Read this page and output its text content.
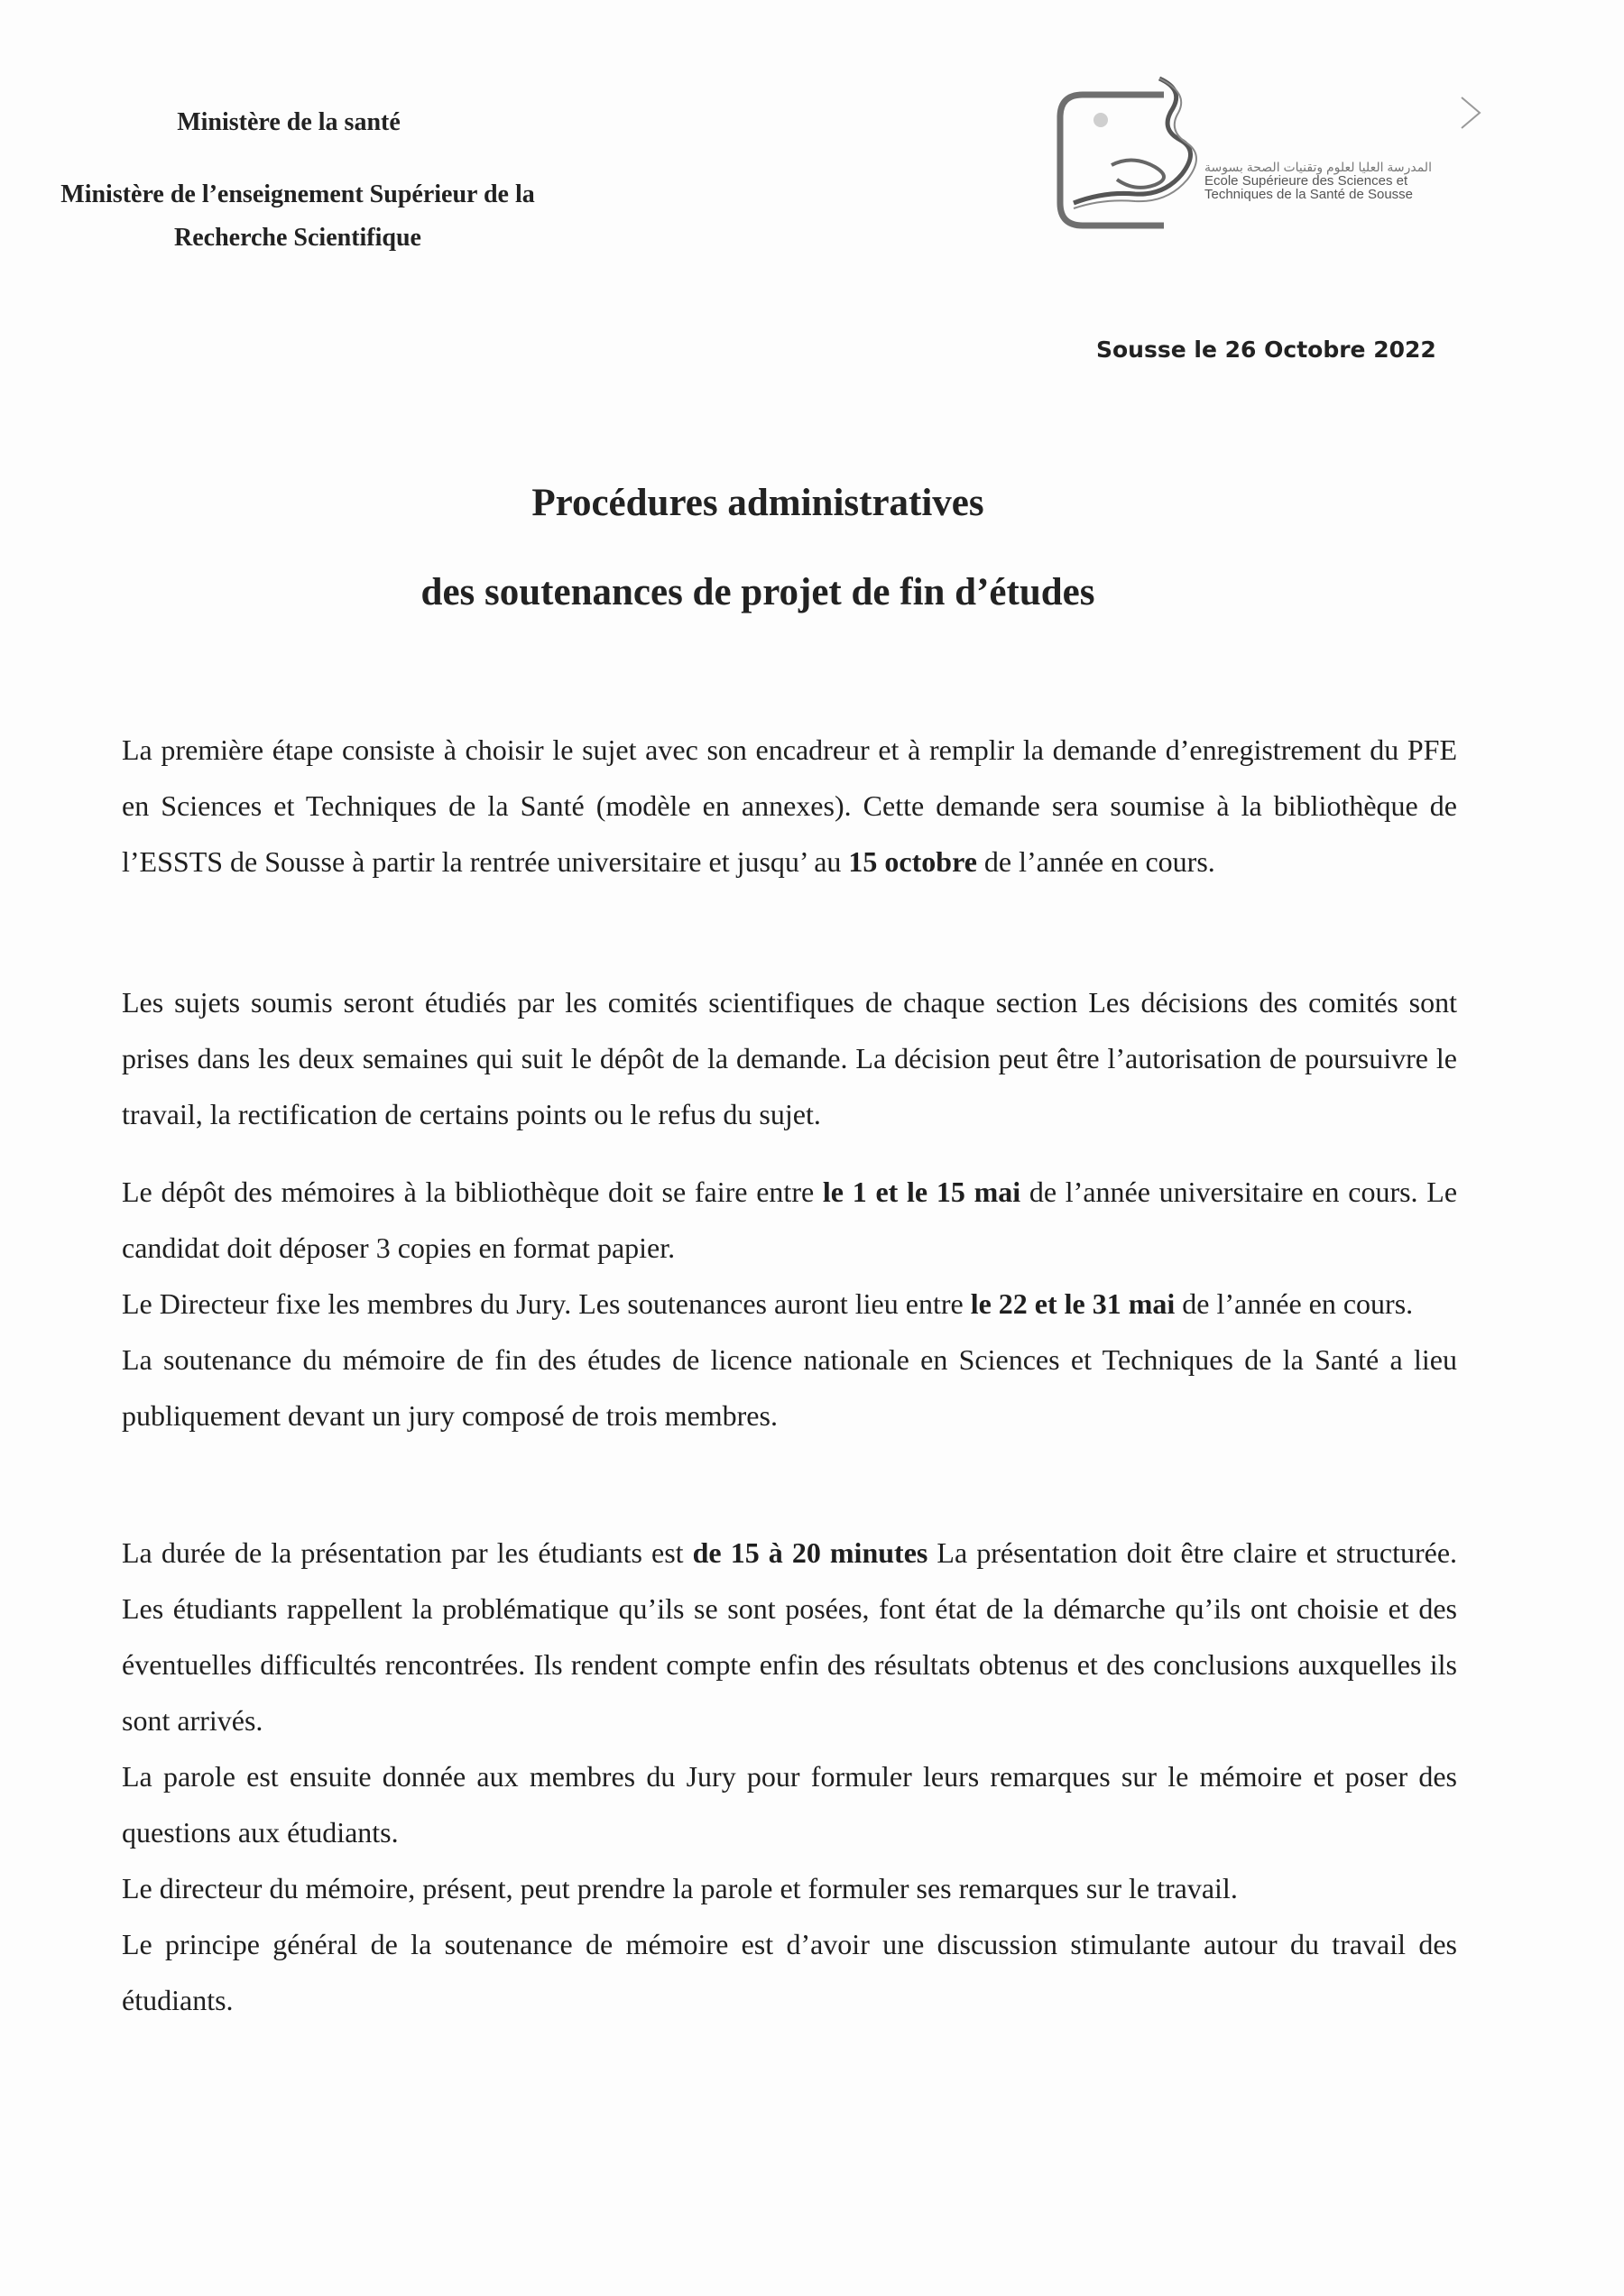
Ministère de la santé
Ministère de l’enseignement Supérieur de la Recherche Scientifique
المدرسة العليا لعلوم وتقنيات الصحة بسوسة
Ecole Supérieure des Sciences et
Techniques de la Santé de Sousse
Sousse le 26 Octobre 2022
Procédures administratives
des soutenances de projet de fin d’études

La première étape consiste à choisir le sujet avec son encadreur et à remplir la demande d’enregistrement du PFE en Sciences et Techniques de la Santé (modèle en annexes). Cette demande sera soumise à la bibliothèque de l’ESSTS de Sousse à partir la rentrée universitaire et jusqu’ au 15 octobre de l’année en cours.

Les sujets soumis seront étudiés par les comités scientifiques de chaque section Les décisions des comités sont prises dans les deux semaines qui suit le dépôt de la demande. La décision peut être l’autorisation de poursuivre le travail, la rectification de certains points ou le refus du sujet.

Le dépôt des mémoires à la bibliothèque doit se faire entre le 1 et le 15 mai de l’année universitaire en cours. Le candidat doit déposer 3 copies en format papier.

Le Directeur fixe les membres du Jury. Les soutenances auront lieu entre le 22 et le 31 mai de l’année en cours.

La soutenance du mémoire de fin des études de licence nationale en Sciences et Techniques de la Santé a lieu publiquement devant un jury composé de trois membres.

La durée de la présentation par les étudiants est de 15 à 20 minutes La présentation doit être claire et structurée. Les étudiants rappellent la problématique qu’ils se sont posées, font état de la démarche qu’ils ont choisie et des éventuelles difficultés rencontrées. Ils rendent compte enfin des résultats obtenus et des conclusions auxquelles ils sont arrivés.

La parole est ensuite donnée aux membres du Jury pour formuler leurs remarques sur le mémoire et poser des questions aux étudiants.

Le directeur du mémoire, présent, peut prendre la parole et formuler ses remarques sur le travail.

Le principe général de la soutenance de mémoire est d’avoir une discussion stimulante autour du travail des étudiants.
